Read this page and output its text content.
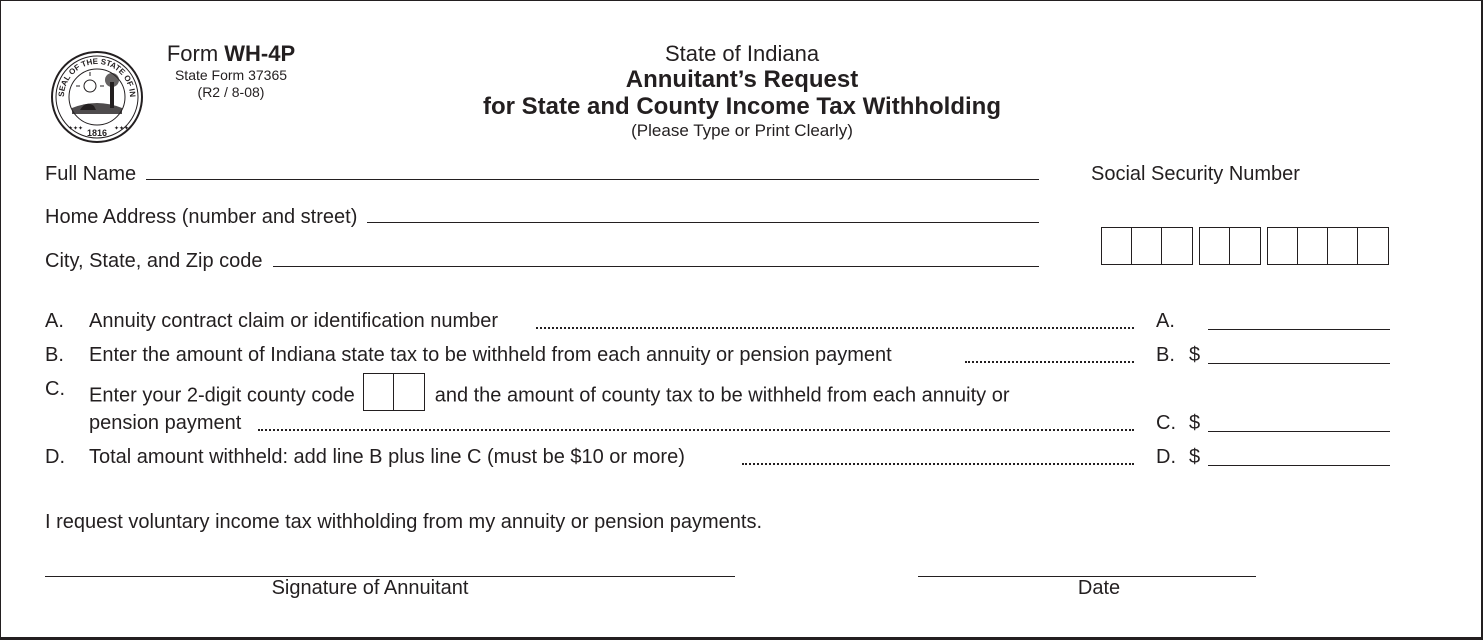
SEAL OF THE STATE OF IN
1816
✦✦✦	✦✦✦
Form WH-4P
State Form 37365
(R2 / 8-08)
State of Indiana
Annuitant’s Request
for State and County Income Tax Withholding
(Please Type or Print Clearly)
Full Name
Home Address (number and street)
City, State, and Zip code
Social Security Number
A. Annuity contract claim or identification number	A.
B. Enter the amount of Indiana state tax to be withheld from each annuity or pension payment	B. $
C. Enter your 2-digit county code	and the amount of county tax to be withheld from each annuity or
pension payment	C. $
D. Total amount withheld: add line B plus line C (must be $10 or more)	D. $
I request voluntary income tax withholding from my annuity or pension payments.
Signature of Annuitant	Date
